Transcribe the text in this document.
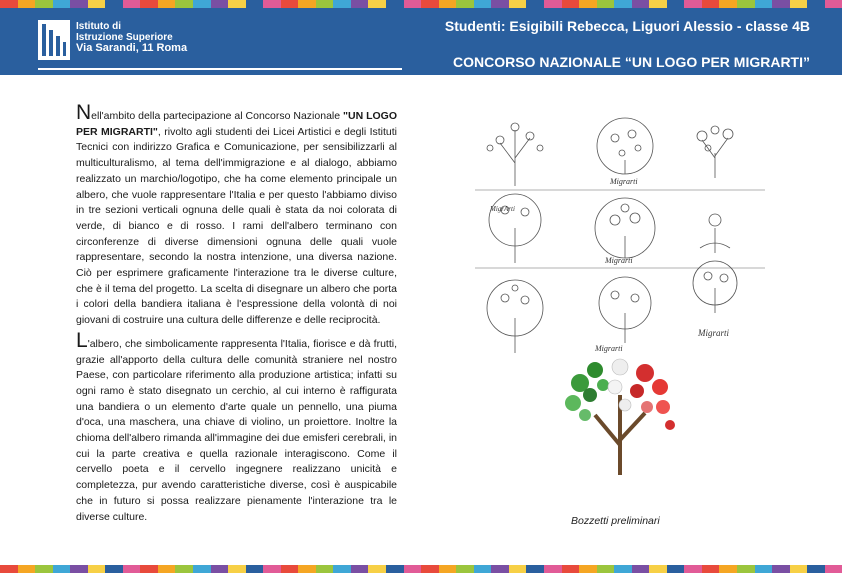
Istituto di
Istruzione Superiore
Via Sarandi, 11 Roma
Studenti: Esigibili Rebecca, Liguori Alessio - classe 4B
CONCORSO NAZIONALE “UN LOGO PER MIGRARTI”

Nell'ambito della partecipazione al Concorso Nazionale "UN LOGO PER MIGRARTI", rivolto agli studenti dei Licei Artistici e degli Istituti Tecnici con indirizzo Grafica e Comunicazione, per sensibilizzarli al multiculturalismo, al tema dell'immigrazione e al dialogo, abbiamo realizzato un marchio/logotipo, che ha come elemento principale un albero, che vuole rappresentare l'Italia e per questo l'abbiamo diviso in tre sezioni verticali ognuna delle quali è stata da noi colorata di verde, di bianco e di rosso. I rami dell'albero terminano con circonferenze di diverse dimensioni ognuna delle quali vuole rappresentare, secondo la nostra intenzione, una diversa nazione. Ciò per esprimere graficamente l'interazione tra le diverse culture, che è il tema del progetto. La scelta di disegnare un albero che porta i colori della bandiera italiana è l'espressione della volontà di noi giovani di costruire una cultura delle differenze e delle reciprocità.

L'albero, che simbolicamente rappresenta l'Italia, fiorisce e dà frutti, grazie all'apporto della cultura delle comunità straniere nel nostro Paese, con particolare riferimento alla produzione artistica; infatti su ogni ramo è stato disegnato un cerchio, al cui interno è raffigurata una bandiera o un elemento d'arte quale un pennello, una piuma d'oca, una maschera, una chiave di violino, un proiettore. Inoltre la chioma dell'albero rimanda all'immagine dei due emisferi cerebrali, in cui la parte creativa e quella razionale interagiscono. Come il cervello poeta e il cervello ingegnere realizzano unicità e completezza, pur avendo caratteristiche diverse, così è auspicabile che in futuro si possa realizzare pienamente l'interazione tra le diverse culture.

Migrarti
Migrarti
MigrArti
Migrarti
Migrarti
Bozzetti preliminari
